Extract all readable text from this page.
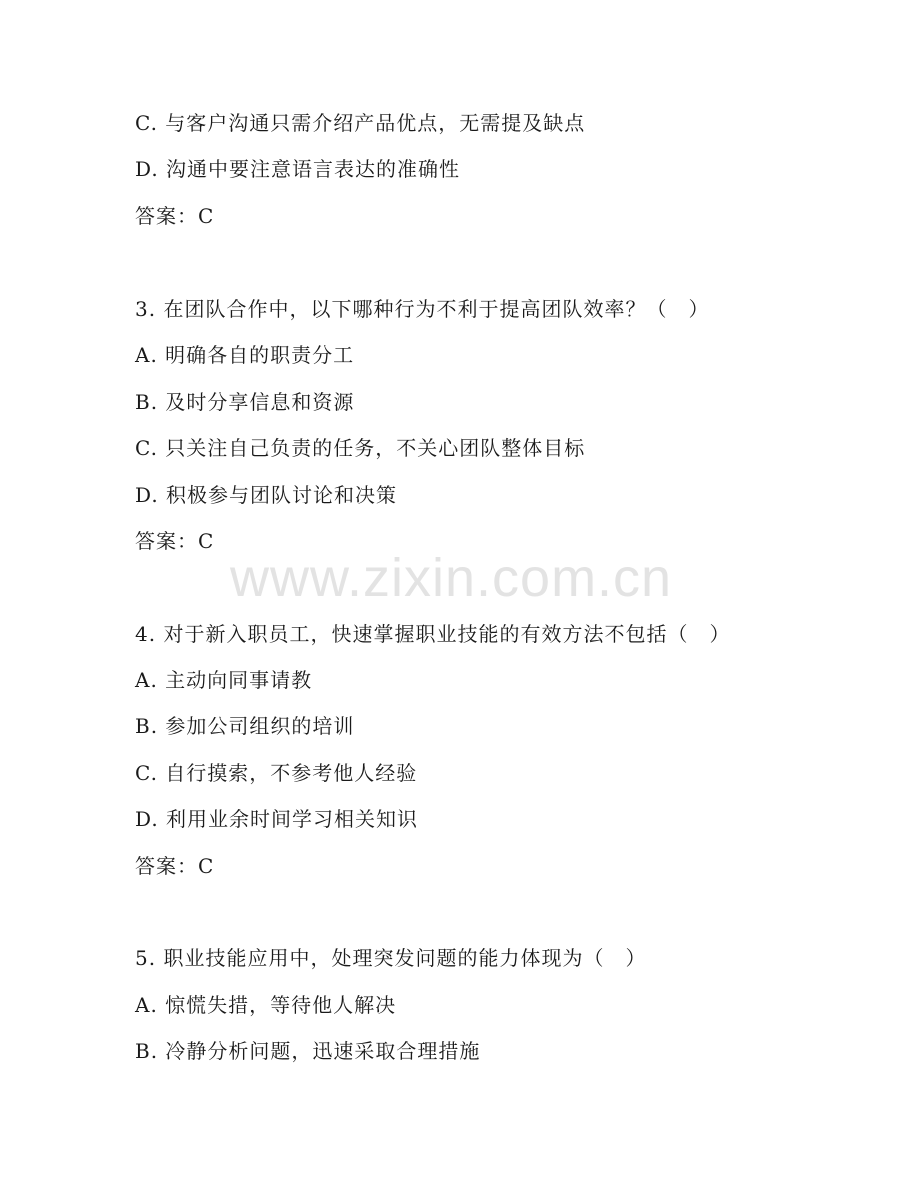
www.zixin.com.cn
C. 与客户沟通只需介绍产品优点，无需提及缺点
D. 沟通中要注意语言表达的准确性
答案：C
3. 在团队合作中，以下哪种行为不利于提高团队效率？（　）
A. 明确各自的职责分工
B. 及时分享信息和资源
C. 只关注自己负责的任务，不关心团队整体目标
D. 积极参与团队讨论和决策
答案：C
4. 对于新入职员工，快速掌握职业技能的有效方法不包括（　）
A. 主动向同事请教
B. 参加公司组织的培训
C. 自行摸索，不参考他人经验
D. 利用业余时间学习相关知识
答案：C
5. 职业技能应用中，处理突发问题的能力体现为（　）
A. 惊慌失措，等待他人解决
B. 冷静分析问题，迅速采取合理措施
